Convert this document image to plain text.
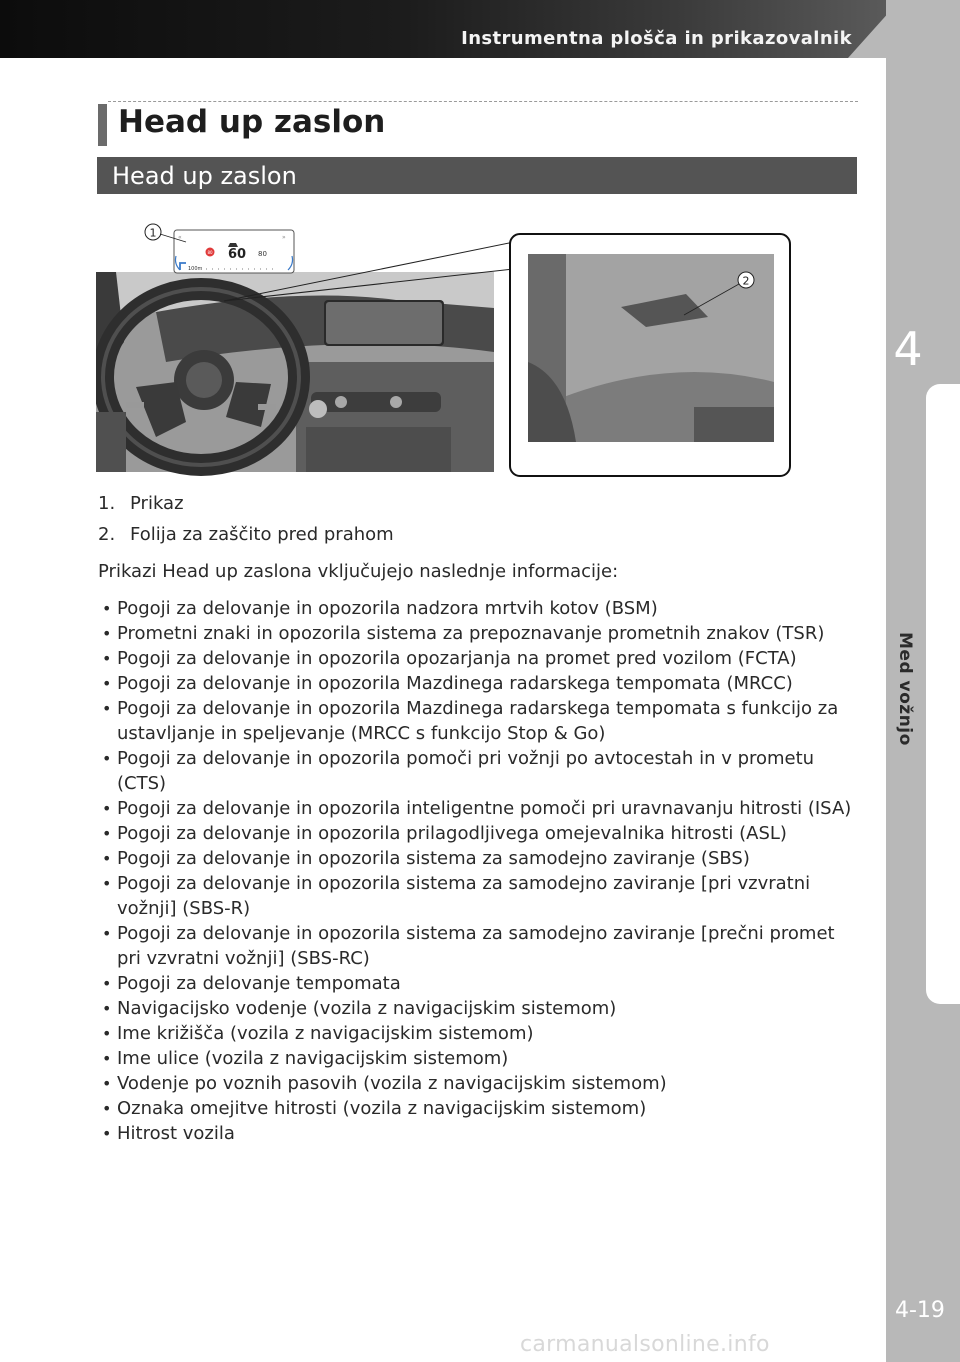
Instrumentna plošča in prikazovalnik
4
Med vožnjo
4-19
carmanualsonline.info
Head up zaslon
Head up zaslon
«	»
80 60 80
100m
1
2
1. Prikaz
2. Folija za zaščito pred prahom
Prikazi Head up zaslona vključujejo naslednje informacije:
• Pogoji za delovanje in opozorila nadzora mrtvih kotov (BSM)
• Prometni znaki in opozorila sistema za prepoznavanje prometnih znakov (TSR)
• Pogoji za delovanje in opozorila opozarjanja na promet pred vozilom (FCTA)
• Pogoji za delovanje in opozorila Mazdinega radarskega tempomata (MRCC)
• Pogoji za delovanje in opozorila Mazdinega radarskega tempomata s funkcijo za ustavljanje in speljevanje (MRCC s funkcijo Stop & Go)
• Pogoji za delovanje in opozorila pomoči pri vožnji po avtocestah in v prometu (CTS)
• Pogoji za delovanje in opozorila inteligentne pomoči pri uravnavanju hitrosti (ISA)
• Pogoji za delovanje in opozorila prilagodljivega omejevalnika hitrosti (ASL)
• Pogoji za delovanje in opozorila sistema za samodejno zaviranje (SBS)
• Pogoji za delovanje in opozorila sistema za samodejno zaviranje [pri vzvratni vožnji] (SBS-R)
• Pogoji za delovanje in opozorila sistema za samodejno zaviranje [prečni promet pri vzvratni vožnji] (SBS-RC)
• Pogoji za delovanje tempomata
• Navigacijsko vodenje (vozila z navigacijskim sistemom)
• Ime križišča (vozila z navigacijskim sistemom)
• Ime ulice (vozila z navigacijskim sistemom)
• Vodenje po voznih pasovih (vozila z navigacijskim sistemom)
• Oznaka omejitve hitrosti (vozila z navigacijskim sistemom)
• Hitrost vozila
